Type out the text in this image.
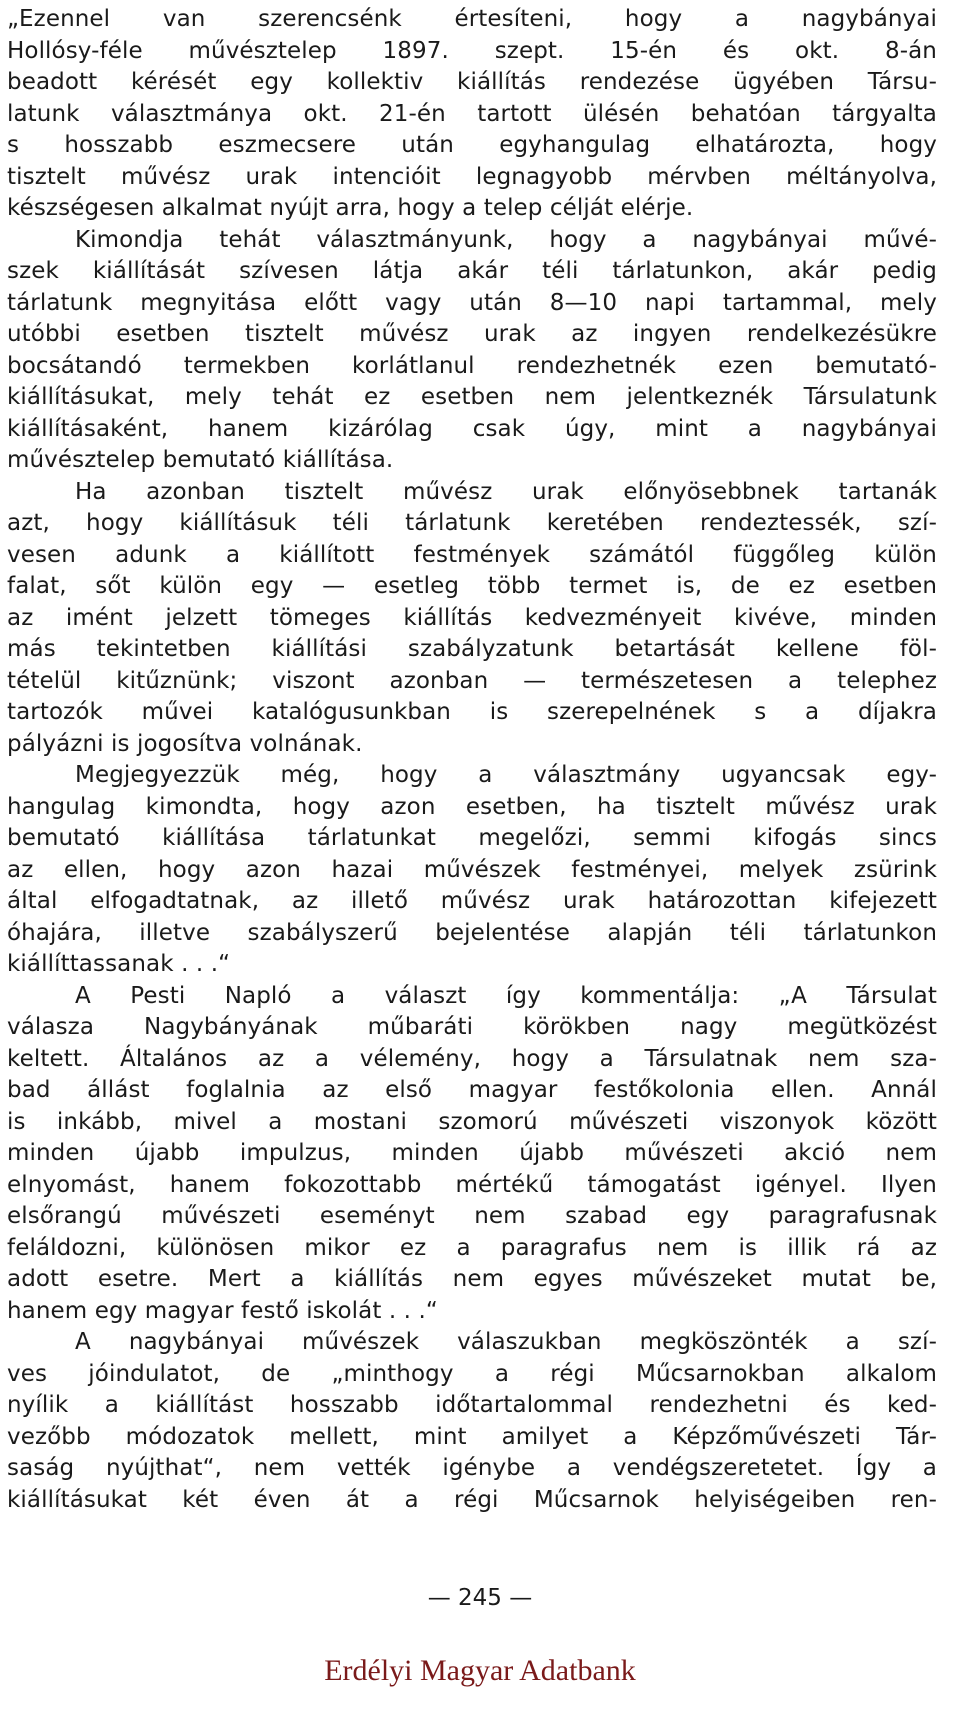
„Ezennel van szerencsénk értesíteni, hogy a nagybányai
Hollósy-féle művésztelep 1897. szept. 15-én és okt. 8-án
beadott kérését egy kollektiv kiállítás rendezése ügyében Társu-
latunk választmánya okt. 21-én tartott ülésén behatóan tárgyalta
s hosszabb eszmecsere után egyhangulag elhatározta, hogy
tisztelt művész urak intencióit legnagyobb mérvben méltányolva,
készségesen alkalmat nyújt arra, hogy a telep célját elérje.
Kimondja tehát választmányunk, hogy a nagybányai művé-
szek kiállítását szívesen látja akár téli tárlatunkon, akár pedig
tárlatunk megnyitása előtt vagy után 8—10 napi tartammal, mely
utóbbi esetben tisztelt művész urak az ingyen rendelkezésükre
bocsátandó termekben korlátlanul rendezhetnék ezen bemutató-
kiállításukat, mely tehát ez esetben nem jelentkeznék Társulatunk
kiállításaként, hanem kizárólag csak úgy, mint a nagybányai
művésztelep bemutató kiállítása.
Ha azonban tisztelt művész urak előnyösebbnek tartanák
azt, hogy kiállításuk téli tárlatunk keretében rendeztessék, szí-
vesen adunk a kiállított festmények számától függőleg külön
falat, sőt külön egy — esetleg több termet is, de ez esetben
az imént jelzett tömeges kiállítás kedvezményeit kivéve, minden
más tekintetben kiállítási szabályzatunk betartását kellene föl-
tételül kitűznünk; viszont azonban — természetesen a telephez
tartozók művei katalógusunkban is szerepelnének s a díjakra
pályázni is jogosítva volnának.
Megjegyezzük még, hogy a választmány ugyancsak egy-
hangulag kimondta, hogy azon esetben, ha tisztelt művész urak
bemutató kiállítása tárlatunkat megelőzi, semmi kifogás sincs
az ellen, hogy azon hazai művészek festményei, melyek zsürink
által elfogadtatnak, az illető művész urak határozottan kifejezett
óhajára, illetve szabályszerű bejelentése alapján téli tárlatunkon
kiállíttassanak . . .“
A Pesti Napló a választ így kommentálja: „A Társulat
válasza Nagybányának műbaráti körökben nagy megütközést
keltett. Általános az a vélemény, hogy a Társulatnak nem sza-
bad állást foglalnia az első magyar festőkolonia ellen. Annál
is inkább, mivel a mostani szomorú művészeti viszonyok között
minden újabb impulzus, minden újabb művészeti akció nem
elnyomást, hanem fokozottabb mértékű támogatást igényel. Ilyen
elsőrangú művészeti eseményt nem szabad egy paragrafusnak
feláldozni, különösen mikor ez a paragrafus nem is illik rá az
adott esetre. Mert a kiállítás nem egyes művészeket mutat be,
hanem egy magyar festő iskolát . . .“
A nagybányai művészek válaszukban megköszönték a szí-
ves jóindulatot, de „minthogy a régi Műcsarnokban alkalom
nyílik a kiállítást hosszabb időtartalommal rendezhetni és ked-
vezőbb módozatok mellett, mint amilyet a Képzőművészeti Tár-
saság nyújthat“, nem vették igénybe a vendégszeretetet. Így a
kiállításukat két éven át a régi Műcsarnok helyiségeiben ren-
— 245 —
Erdélyi Magyar Adatbank
